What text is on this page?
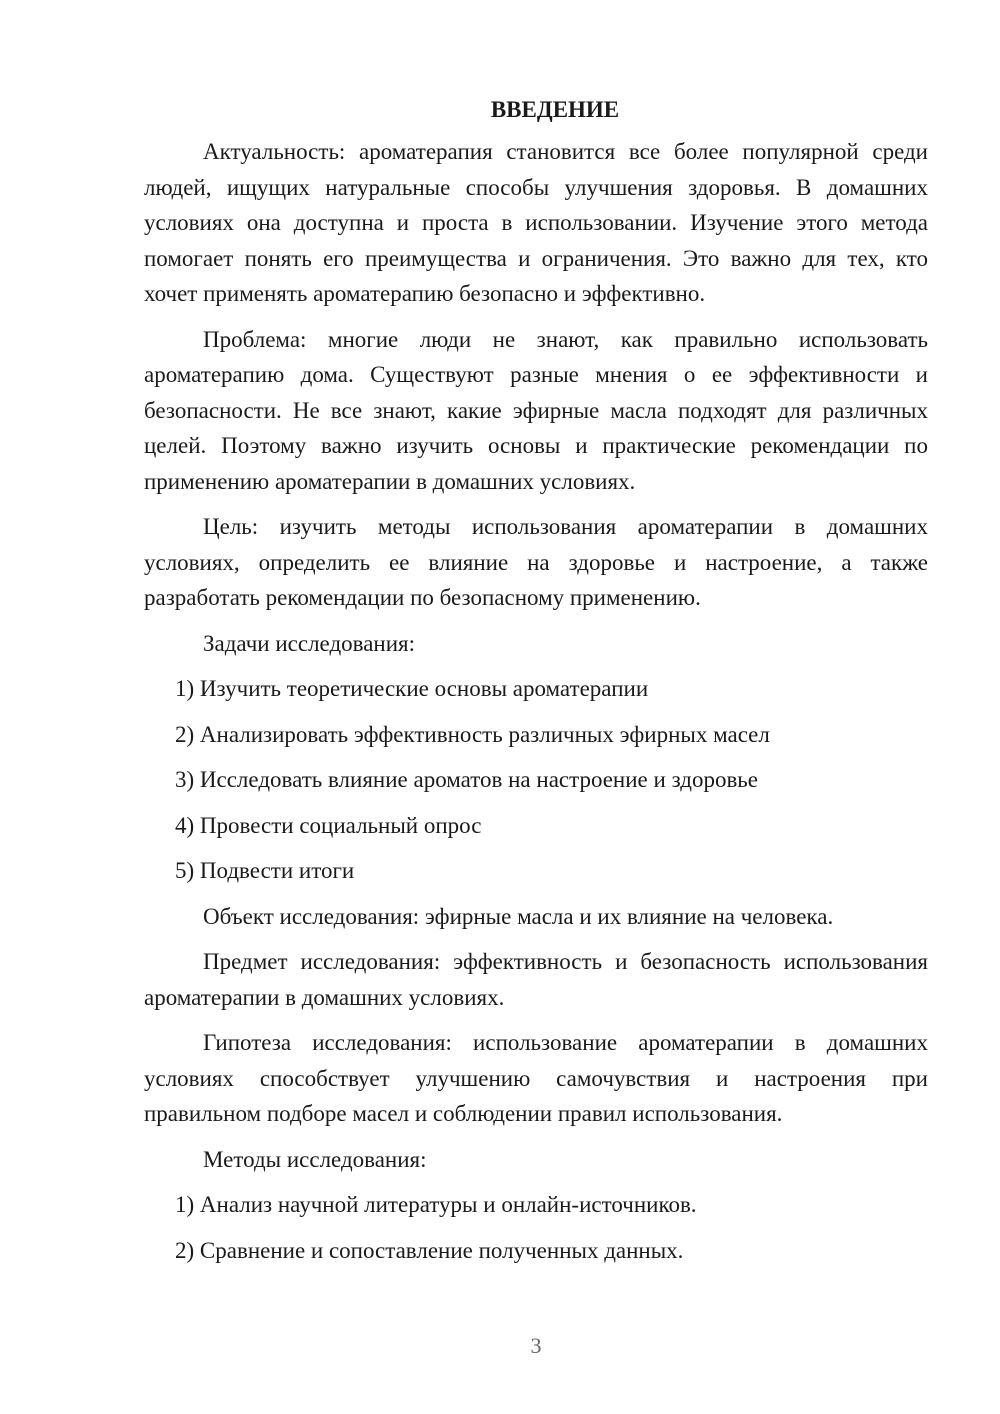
ВВЕДЕНИЕ

Актуальность: ароматерапия становится все более популярной среди людей, ищущих натуральные способы улучшения здоровья. В домашних условиях она доступна и проста в использовании. Изучение этого метода помогает понять его преимущества и ограничения. Это важно для тех, кто хочет применять ароматерапию безопасно и эффективно.

Проблема: многие люди не знают, как правильно использовать ароматерапию дома. Существуют разные мнения о ее эффективности и безопасности. Не все знают, какие эфирные масла подходят для различных целей. Поэтому важно изучить основы и практические рекомендации по применению ароматерапии в домашних условиях.

Цель: изучить методы использования ароматерапии в домашних условиях, определить ее влияние на здоровье и настроение, а также разработать рекомендации по безопасному применению.

Задачи исследования:
1) Изучить теоретические основы ароматерапии
2) Анализировать эффективность различных эфирных масел
3) Исследовать влияние ароматов на настроение и здоровье
4) Провести социальный опрос
5) Подвести итоги
Объект исследования: эфирные масла и их влияние на человека.

Предмет исследования: эффективность и безопасность использования ароматерапии в домашних условиях.

Гипотеза исследования: использование ароматерапии в домашних условиях способствует улучшению самочувствия и настроения при правильном подборе масел и соблюдении правил использования.

Методы исследования:
1) Анализ научной литературы и онлайн-источников.
2) Сравнение и сопоставление полученных данных.
3
